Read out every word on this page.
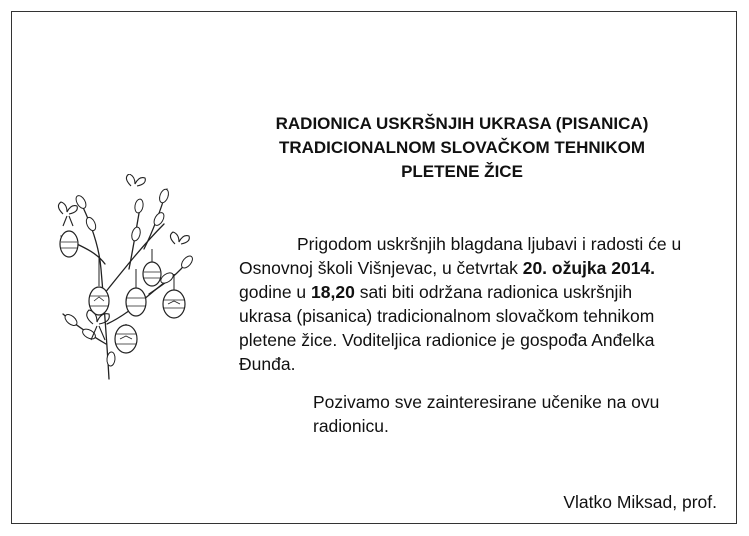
RADIONICA USKRŠNJIH UKRASA (PISANICA)
TRADICIONALNOM SLOVAČKOM TEHNIKOM
PLETENE ŽICE

Prigodom uskršnjih blagdana ljubavi i radosti će u
Osnovnoj školi Višnjevac, u četvrtak 20. ožujka 2014.
godine u 18,20 sati biti održana radionica uskršnjih
ukrasa (pisanica) tradicionalnom slovačkom tehnikom
pletene žice. Voditeljica radionice je gospođa Anđelka
Đunđa.

Pozivamo sve zainteresirane učenike na ovu
radionicu.

Vlatko Miksad, prof.
